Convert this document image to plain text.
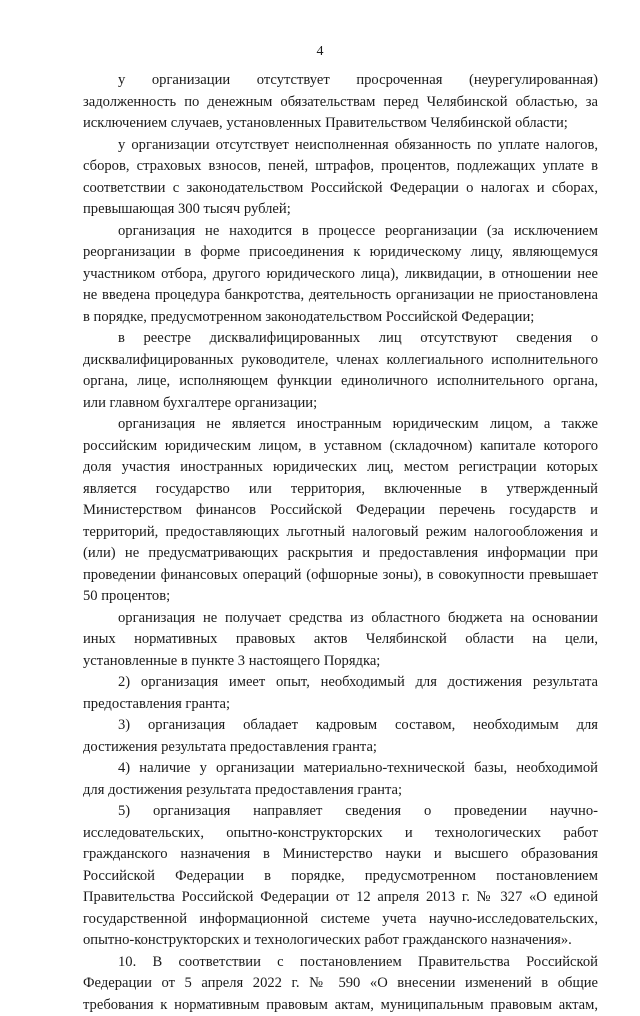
4
у организации отсутствует просроченная (неурегулированная)
задолженность по денежным обязательствам перед Челябинской областью, за
исключением случаев, установленных Правительством Челябинской области;
у организации отсутствует неисполненная обязанность по уплате налогов,
сборов, страховых взносов, пеней, штрафов, процентов, подлежащих уплате в
соответствии с законодательством Российской Федерации о налогах и сборах,
превышающая 300 тысяч рублей;
организация не находится в процессе реорганизации (за исключением
реорганизации в форме присоединения к юридическому лицу, являющемуся
участником отбора, другого юридического лица), ликвидации, в отношении нее
не введена процедура банкротства, деятельность организации не приостановлена
в порядке, предусмотренном законодательством Российской Федерации;
в реестре дисквалифицированных лиц отсутствуют сведения о
дисквалифицированных руководителе, членах коллегиального исполнительного
органа, лице, исполняющем функции единоличного исполнительного органа,
или главном бухгалтере организации;
организация не является иностранным юридическим лицом, а также
российским юридическим лицом, в уставном (складочном) капитале которого
доля участия иностранных юридических лиц, местом регистрации которых
является государство или территория, включенные в утвержденный
Министерством финансов Российской Федерации перечень государств и
территорий, предоставляющих льготный налоговый режим налогообложения и
(или) не предусматривающих раскрытия и предоставления информации при
проведении финансовых операций (офшорные зоны), в совокупности превышает
50 процентов;
организация не получает средства из областного бюджета на основании
иных нормативных правовых актов Челябинской области на цели,
установленные в пункте 3 настоящего Порядка;
2) организация имеет опыт, необходимый для достижения результата
предоставления гранта;
3) организация обладает кадровым составом, необходимым для
достижения результата предоставления гранта;
4) наличие у организации материально-технической базы, необходимой
для достижения результата предоставления гранта;
5) организация направляет сведения о проведении научно-
исследовательских, опытно-конструкторских и технологических работ
гражданского назначения в Министерство науки и высшего образования
Российской Федерации в порядке, предусмотренном постановлением
Правительства Российской Федерации от 12 апреля 2013 г. № 327 «О единой
государственной информационной системе учета научно-исследовательских,
опытно-конструкторских и технологических работ гражданского назначения».
10. В соответствии с постановлением Правительства Российской
Федерации от 5 апреля 2022 г. № 590 «О внесении изменений в общие
требования к нормативным правовым актам, муниципальным правовым актам,
